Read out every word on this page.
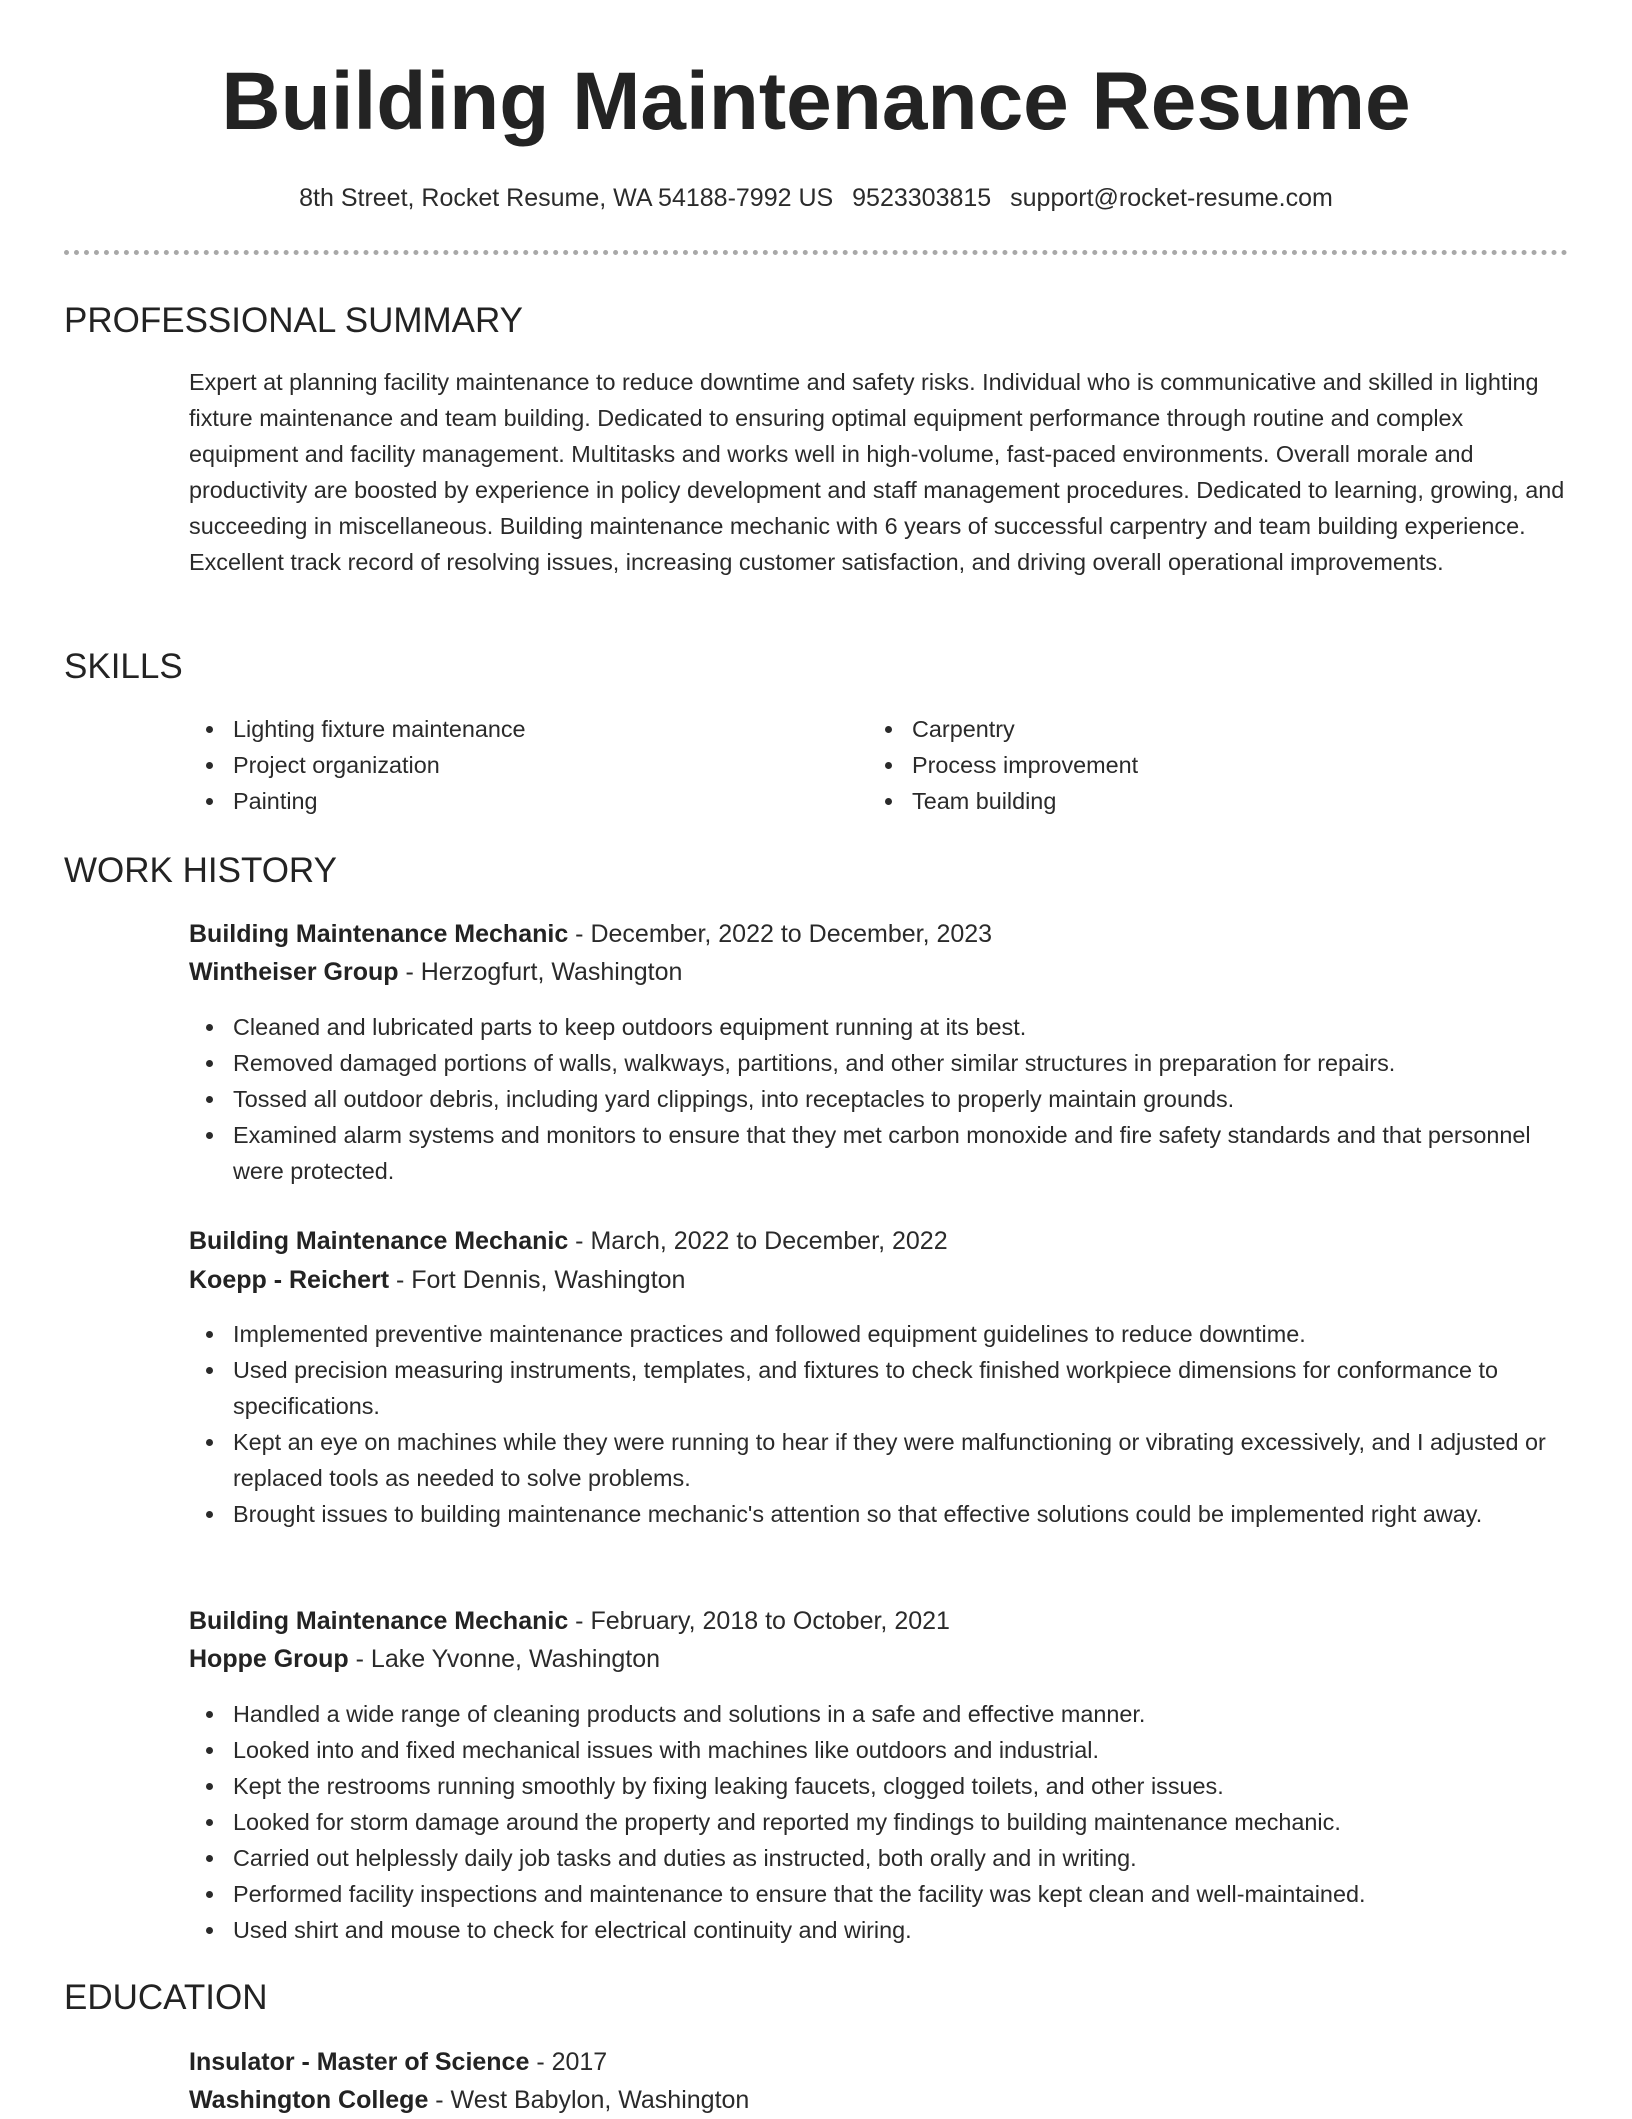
Building Maintenance Resume
8th Street, Rocket Resume, WA 54188-7992 US 9523303815 support@rocket-resume.com
PROFESSIONAL SUMMARY
Expert at planning facility maintenance to reduce downtime and safety risks. Individual who is communicative and skilled in lighting fixture maintenance and team building. Dedicated to ensuring optimal equipment performance through routine and complex equipment and facility management. Multitasks and works well in high-volume, fast-paced environments. Overall morale and productivity are boosted by experience in policy development and staff management procedures. Dedicated to learning, growing, and succeeding in miscellaneous. Building maintenance mechanic with 6 years of successful carpentry and team building experience. Excellent track record of resolving issues, increasing customer satisfaction, and driving overall operational improvements.
SKILLS
Lighting fixture maintenance
Project organization
Painting
Carpentry
Process improvement
Team building
WORK HISTORY
Building Maintenance Mechanic - December, 2022 to December, 2023
Wintheiser Group - Herzogfurt, Washington
Cleaned and lubricated parts to keep outdoors equipment running at its best.
Removed damaged portions of walls, walkways, partitions, and other similar structures in preparation for repairs.
Tossed all outdoor debris, including yard clippings, into receptacles to properly maintain grounds.
Examined alarm systems and monitors to ensure that they met carbon monoxide and fire safety standards and that personnel were protected.
Building Maintenance Mechanic - March, 2022 to December, 2022
Koepp - Reichert - Fort Dennis, Washington
Implemented preventive maintenance practices and followed equipment guidelines to reduce downtime.
Used precision measuring instruments, templates, and fixtures to check finished workpiece dimensions for conformance to specifications.
Kept an eye on machines while they were running to hear if they were malfunctioning or vibrating excessively, and I adjusted or replaced tools as needed to solve problems.
Brought issues to building maintenance mechanic's attention so that effective solutions could be implemented right away.
Building Maintenance Mechanic - February, 2018 to October, 2021
Hoppe Group - Lake Yvonne, Washington
Handled a wide range of cleaning products and solutions in a safe and effective manner.
Looked into and fixed mechanical issues with machines like outdoors and industrial.
Kept the restrooms running smoothly by fixing leaking faucets, clogged toilets, and other issues.
Looked for storm damage around the property and reported my findings to building maintenance mechanic.
Carried out helplessly daily job tasks and duties as instructed, both orally and in writing.
Performed facility inspections and maintenance to ensure that the facility was kept clean and well-maintained.
Used shirt and mouse to check for electrical continuity and wiring.
EDUCATION
Insulator - Master of Science - 2017
Washington College - West Babylon, Washington
